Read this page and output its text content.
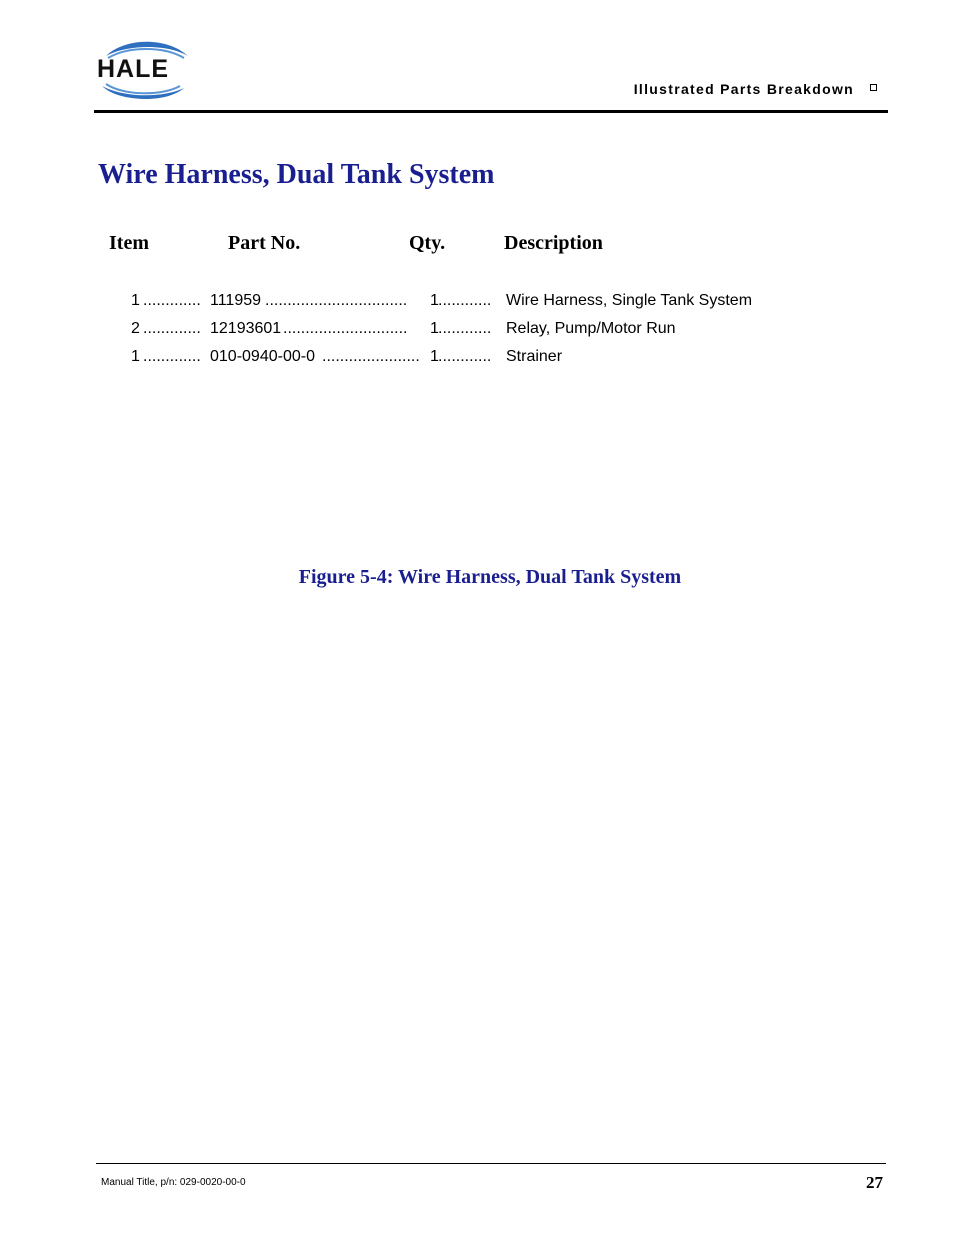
HALE
Illustrated Parts Breakdown
Wire Harness, Dual Tank System
Item	Part No.	Qty.	Description
1 ............. 111959 ................................ 1 ............ Wire Harness, Single Tank System
2 ............. 12193601 ............................ 1 ............ Relay, Pump/Motor Run
1 ............. 010-0940-00-0 ...................... 1 ............ Strainer
Figure 5-4: Wire Harness, Dual Tank System
Manual Title, p/n: 029-0020-00-0	27
